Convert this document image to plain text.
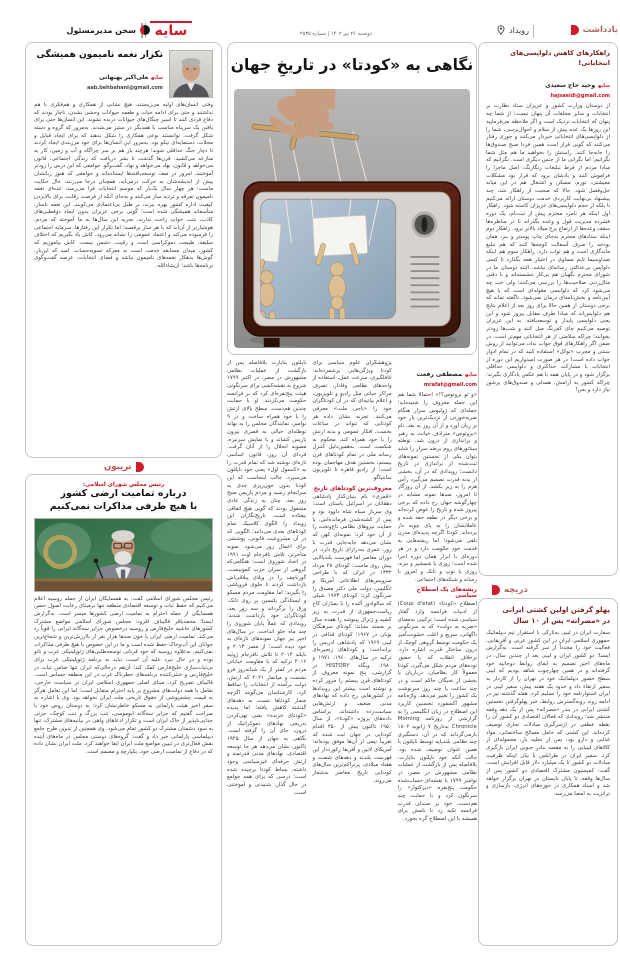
یادداشت
رویداد
دوشنبه ۲۶ تیر ۱۴۰۲ | شماره ۲۸۳۵
سایه
سخن مدیرمسئول
راهکارهای کاهش دلواپسی‌های انتخاباتی!
سایهوحید حاج سعیدی
hajsaeidi@gmail.com
از دوستان وزارت کشور و عزیزان ستاد نظارت بر انتخابات و سایر مخلفات آن پنهان نیست؛ از شما چه پنهان که انتخابات نزدیک است و اگر ملاحظه می‌فرمایید این روزها یک عده پیش از سلام و احوال‌پرسی، شما را از دلواپسی‌های انتخاباتی خبردار می‌کنند و جوری رفتار می‌کنند که گویی قرار است همین فردا صبح صندوق‌ها را جابه‌جا کنند. راستش را بخواهید ما هم مثل شما نگرانیم؛ اما نگرانی ما از جنس دیگری است. نگرانیم که مبادا مردم از فرط تبلیغات رنگارنگ، اصل ماجرا را فراموش کنند و یادشان برود که قرار بود مشکلات معیشتی، تورم، مسکن و اشتغال هم در این میانه حل‌وفصل شود. حالا که صحبت از راهکار شد، چند پیشنهاد بی‌نهایت کاربردی خدمت دوستان ارائه می‌کنیم تا بلکه از حجم دلواپسی‌های عزیزان کاسته شود. راهکار اول اینکه هر نامزد محترم پیش از ثبت‌نام، یک دوره فشرده مدیریت قول و وعده بگذراند تا در مناظره‌ها سقف وعده‌ها از ارتفاع برج میلاد بالاتر نرود. راهکار دوم اینکه ستادهای محترم به‌جای چاپ پوستر و بنر، همان بودجه را صرف آسفالت کوچه‌ها کنند که هم تبلیغ ماندگاری است و هم ثواب دارد. راهکار سوم هم اینکه صداوسیما تایم مساوی در اختیار همه بگذارد تا کسی دلواپس بی‌عدالتی رسانه‌ای نباشد. البته دوستان ما در شورای محترم نگهبان هم بی‌کار ننشسته‌اند و با دقتی مثال‌زدنی صلاحیت‌ها را بررسی می‌کنند؛ ولی خب چه می‌شود کرد که دلواپسی مقوله‌ای است که با هیچ آیین‌نامه و بخش‌نامه‌ای درمان نمی‌شود. ناگفته نماند که برخی دوستان از همین حالا برای روز بعد از اعلام نتایج هم دلواپس‌اند که مبادا طرف مقابل پیروز شود و این یعنی دلواپسی پایدار و توسعه‌یافته. به این عزیزان توصیه می‌کنیم چای کم‌رنگ میل کنند و شب‌ها زودتر بخوابند؛ چراکه سلامتی از هر انتخاباتی مهم‌تر است. در ضمن اگر راهکارهای فوق جواب نداد، می‌توانید از روش سنتی و مجرب «توکل» استفاده کنید که در تمام ادوار جواب داده است! در هر صورت امیدواریم این دوره از انتخابات با مشارکت حداکثری و دلواپسی حداقلی برگزار شود و در پایان همه با هم عکس یادگاری بگیرند؛ چراکه کشور به آرامش، همدلی و صندوق‌های پرشور نیاز دارد و بس!
دریچه
پهلو گرفتن اولین کشتی ایرانی
در «مصراته» پس از ۱۰ سال
سفارت ایران در لیبی به‌تازگی با استقرار تیم دیپلماتیک جمهوری اسلامی ایران در این کشور عربی و آفریقایی، فعالیت خود را مجدداً از سر گرفته است. به‌گزارش ایسنا؛ دو کشور ایران و لیبی بعد از چندین سال، در ماه‌های اخیر تصمیم به ایفای روابط دوجانبه خود گرفته‌اند و در همین چهارچوب شاهد بودیم که لیبی سطح حضور دیپلماتیک خود در تهران را از کاردار به سفیر ارتقاء داد و حدود یک هفته پیش، سفیر لیبی در ایران استوارنامه خود را تسلیم کرد. هفته گذشته نیز در ادامه روند روبه‌گسترش روابط، خبر پهلوگرفتن نخستین کشتی ایرانی در بندر «مصراته» پس از یک دهه وقفه منتشر شد؛ رویدادی که فعالان اقتصادی دو کشور آن را نقطه عطفی در ازسرگیری مبادلات تجاری توصیف کرده‌اند. این کشتی که حامل مصالح ساختمانی، مواد غذایی و دارو بود، پس از تخلیه بار، محموله‌ای از کالاهای لیبیایی را به مقصد بنادر جنوبی ایران بارگیری کرد. سفیر ایران در طرابلس با بیان اینکه ظرفیت مبادلات دو کشور تا یک میلیارد دلار قابل افزایش است، گفت: کمیسیون مشترک اقتصادی دو کشور پس از سال‌ها وقفه، تا پایان تابستان در تهران برگزار خواهد شد و اسناد همکاری در حوزه‌های انرژی، بازسازی و ترانزیت به امضا می‌رسد.
نگاهی به «کودتا» در تاریخِ جهان
سایهمصطفی رفعت
mrafat@gmail.com
«و تو بروتوس؟!» احتمالاً شما هم این جمله معروف را شنیده‌اید؛ جمله‌ای که ژولیوس سزار هنگام ضربه‌خوردن از نزدیک‌ترین یار خود بر زبان آورد و از آن روز به بعد، نام «بروتوس» مترادف خیانت به رهبر و براندازی از درون شد. توطئه سناتورهای روم برضد سزار را شاید بتوان یکی از نخستین نمونه‌های ثبت‌شده از براندازی در تاریخ دانست؛ رویدادی که در آن، بخشی از بدنه قدرت تصمیم می‌گیرد رأس هرم را به زیر بکشد. از آن روزگار تا امروز، صدها نمونه مشابه در چهارگوشه جهان رخ داده که برخی پیروز شده و تاریخ را عوض کرده‌اند و برخی دیگر در نطفه خفه شده و عاملانشان را به پای چوبه دار برده‌اند. کودتا اگرچه پدیده‌ای مدرن تلقی می‌شود؛ اما ریشه‌هایی به قدمت خودِ حکومت دارد و در هر دوره‌ای با ابزار همان دوره اجرا شده است؛ روزی با شمشیر و نیزه، روزی با توپ و تانک و امروز با رسانه و شبکه‌های اجتماعی.
ریشه‌های یک اصطلاح سیاسی
اصطلاح «کودتا» (Coup d'état) از ادبیات فرانسه وارد گفتار سیاسی شده است؛ ترکیبی به‌معنای «ضربه به دولت» که به سرنگونی ناگهانی، سریع و اغلب خشونت‌آمیز یک حکومت توسط گروهی کوچک از درون ساختار قدرت اشاره دارد. برخلاف انقلاب که با حضور توده‌های مردم شکل می‌گیرد، کودتا معمولاً کار نظامیان، درباریان یا بخشی از نخبگان حاکم است و در چند ساعت یا چند روز سرنوشت یک کشور را تغییر می‌دهد. واژه‌نامه مشهور آکسفورد نخستین کاربرد این اصطلاح در زبان انگلیسی را به گزارشی از روزنامه Morning Chronicle به‌تاریخ ۷ ژانویه ۱۸۰۲ بازمی‌گرداند که در آن، دستگیری چند نظامی بلندپایه توسط ناپلئون با همین عنوان توصیف شده بود. جالب آنکه خود ناپلئون بناپارت، بلافاصله پس از بازگشت از عملیات نظامی مشهورش در مصر، در نوامبر ۱۷۹۹ با نقشه‌ای حساب‌شده حکومت پنج‌نفره «دیرکتوار» را سرنگون کرد و با حمایت چند هم‌دست، خود بر صندلی قدرت فرانسه تکیه زد تا نامش برای همیشه با این اصطلاح گره بخورد.
پژوهشگران علوم سیاسی برای کودتا ویژگی‌هایی برشمرده‌اند: غافلگیری، سرعت عمل، استفاده از واحدهای نظامی وفادار، تصرف مراکز حیاتی مثل رادیو و تلویزیون، و اعلام بیانیه‌ای که در آن کودتاگران خود را «ناجی ملت» معرفی می‌کنند. تجربه نشان داده هر کودتایی که نتواند در ساعات نخست، افکار عمومی و بدنه ارتش را با خود همراه کند، محکوم به شکست است. به‌همین‌دلیل کنترل رسانه ملی در تمام کودتاهای قرن بیستم، نخستین هدف مهاجمان بوده است؛ از رادیو قاهره تا تلویزیون سانتیاگو.
معروف‌ترین کودتاهای تاریخ
«قُمری» نام بنیان‌گذار پادشاهی دهقانان در اسرائیل باستان است؛ وی سرباز سپاه شاه داوود بود و پس از کشته‌شدن فرمانده‌اش، با حمایت نیروهای نظامی تاج‌وتخت را از آن خود کرد؛ نمونه‌ای کهن که نشان می‌دهد جابه‌جایی قدرت با زور، عمری به‌درازای تاریخ دارد. در دوران معاصر اما فهرست بلندبالایی پیش روی ماست: کودتای ۲۸ مرداد ۱۳۳۲ در ایران که با طراحی سرویس‌های اطلاعاتی آمریکا و انگلیس، دولت ملی دکتر مصدق را سرنگون کرد؛ کودتای ۱۹۷۳ شیلی که سالوادور آلنده را با بمباران کاخ ریاست‌جمهوری از قدرت به زیر کشید و ژنرال پینوشه را هفده سال بر مسند نشاند؛ کودتای سرهنگان یونان در ۱۹۶۷؛ کودتای قذافی در لیبی ۱۹۶۹ که پادشاهی ادریس را برانداخت؛ و کودتاهای زنجیره‌ای ترکیه در سال‌های ۱۹۶۰، ۱۹۷۱ و ۱۹۸۰. وبگاه HISTORY در گزارشی، پنج نمونه معروف از کودتاهای قرن بیستم را مرور کرده و نوشته است بیشتر این رویدادها در کشورهایی رخ داده که نهادهای مدنی ضعیف و ارتش‌هایی سیاست‌زده داشته‌اند. براساس داده‌های پروژه «کودتا»، از سال ۱۹۵۰ تاکنون بیش از ۴۵۰ اقدام کودتایی در جهان ثبت شده که تقریباً نیمی از آن‌ها موفق بوده‌اند؛ آمریکای لاتین و آفریقا رکورددار این فهرست بلندند و دهه‌های شصت و هفتاد میلادی، پرتراکم‌ترین سال‌های کودتایی تاریخ معاصر به‌شمار می‌روند.
ناپلئون بناپارت بلافاصله پس از بازگشت از عملیات نظامی مشهورش در مصر، در اکتبر ۱۷۹۹ شروع به نقشه‌کشی برای سرنگونی هیئت پنج‌نفره‌ای کرد که بر فرانسه حکومت می‌کردند. او با حمایت چندین هم‌دست، سطح بالای ارتش را با خود همراه ساخت و در ۹ نوامبر، نمایندگان مجلس را به بهانه توطئه‌ای خیالی به قصری بیرون پاریس کشاند و با نمایش سرنیزه، مصوبه انحلال را از آنان گرفت. فردای آن روز، قانون اساسی تازه‌ای نوشته شد که تمام قدرت را به «کنسول اول» یعنی خود ناپلئون می‌سپرد. جالب اینجاست که این کودتا بدون خون‌ریزی جدی به سرانجام رسید و مردم پاریس صبح روز بعد، چنان به زندگی عادی مشغول بودند که گویی هیچ اتفاقی نیفتاده است. تاریخ‌نگاران این رویداد را الگوی کلاسیک تمام کودتاهای بعدی می‌دانند؛ الگویی که در آن مشروعیت قانونی، پوششی برای اعمال زور می‌شود. نمونه متأخرتر، تلاش نافرجام اوت ۱۹۹۱ در اتحاد شوروی است؛ هنگامی‌که گروهی از سران حزب کمونیست، گورباچف را در ویلای ییلاقی‌اش بازداشت کردند تا جلوی فروپاشی را بگیرند؛ اما مقاومت مردم مسکو و ایستادگی یلتسین بر روی تانک، ورق را برگرداند و سه روز بعد، کودتاگران خود بازداشت شدند؛ رویدادی که عملاً پایان شوروی را چند ماه جلو انداخت. در سال‌های اخیر نیز جهان نمونه‌های تازه‌ای به خود دیده است؛ از مصر ۲۰۱۳ و تایلند ۲۰۱۴ تا تلاش نافرجام ژوئیه ۲۰۱۶ ترکیه که با مقاومت خیابانی مردم در کمتر از یک شبانه‌روز فرو نشست و میانمار ۲۰۲۱ که ارتش، دولت برآمده از انتخابات را ساقط کرد. کارشناسان می‌گویند اگرچه شمار کودتاها نسبت به دهه‌های گذشته کاهش یافته؛ اما پدیده «کودتای خزنده» یعنی تهی‌کردن تدریجی نهادهای دموکراتیک از درون، جای آن را گرفته است. نگاهی به جهان از سال ۱۹۴۵ تاکنون نشان می‌دهد هر جا توسعه اقتصادی، نهادهای مدنی قدرتمند و ارتش حرفه‌ای غیرسیاسی وجود داشته، بساط کودتا برچیده شده است؛ درسی که برای همه جوامع در حال گذار، شنیدنی و آموختنی است.
تکرار نغمه نامیمون همیشگی
سایهعلی‌اکبر بهبهانی
aab.behbahani@gmail.com
وقتی انسان‌های اولیه می‌زیستند، هیچ نشانی از همکاری و هم‌فکری با هم نداشتند و حتی برای ادامه حیات و طعمه حیوانات وحشی نشدن، ناچار بودند که دفاع فردی کنند تا اسیر چنگال‌های حیوانات درنده نشوند. این انسان‌ها حتی برای یافتن یک سرپناه مناسب با همدیگر در ستیز می‌شدند. به‌مرور که گروه و دسته شکل گرفت، توانستند نوعی همکاری را شکل بدهند که برای ایجاد قبایل و محلات، دستمایه‌ای نیکو بود. به‌مرور این انسان‌ها برای خود مرزبندی ایجاد کردند تا دچار جنگ حداقلی شوند؛ هرچند باز هم بر سر چراگاه و آب و زمین، کار به منازعه می‌کشید. قرن‌ها گذشت تا بشر دریافت که زندگی اجتماعی، قانون می‌خواهد و قانون، نهاد می‌خواهد و نهاد، گفت‌وگو. جوامعی که این درس را زودتر آموختند، امروز در صف توسعه‌یافته‌ها ایستاده‌اند و جوامعی که هنوز زبانشان پیش از اندیشه‌شان به حرکت درمی‌آید، همچنان درجا می‌زنند. حال حکایت ماست؛ هر چهار سال یک‌بار که موسم انتخابات فرا می‌رسد، عده‌ای نغمه نامیمون تفرقه و تردید ساز می‌کنند و به‌جای آنکه از فرصت رقابت برای بالابردن کیفیت اداره کشور بهره ببرند، بر طبل بی‌اعتمادی می‌کوبند. این نغمه ناساز، متأسفانه همیشگی شده است؛ گویی برخی عزیزان بدون ایجاد دوقطبی‌های کاذب، شب خواب راحت ندارند. تجربه این سال‌ها به ما آموخته که مردم، هوشیارتر از آن‌اند که با هر ساز برقصند؛ اما تکرار این رفتارها، سرمایه اجتماعی را فرسوده می‌کند و اعتماد عمومی را نشانه می‌رود. کاش یاد بگیریم که اختلاف سلیقه، طبیعت دموکراسی است و رقیب، دشمن نیست. کاش بیاموزیم که کشور، میدان مسابقه خدمت است نه معرکه تسویه‌حساب. امید که این‌بار، گوش‌ها بدهکار نغمه‌های نامیمون نباشد و فضای انتخابات، عرصه گفت‌وگوی برنامه‌ها باشد؛ ان‌شاءالله.
تریبون
رئیس مجلس شورای اسلامی:
درباره تمامیت ارضی کشور
با هیچ طرفی مذاکرات نمی‌کنیم
رئیس مجلس شورای اسلامی گفت: به همسایگان ایران از جمله روسیه اعلام می‌کنیم که حفظ ثبات و توسعه اقتصادی منطقه تنها برمبنای رعایت اصول حسن همسایگی از جمله احترام به تمامیت ارضی کشورها میسر است. به‌گزارش ایسنا؛ محمدباقر قالیباف افزود: مجلس شورای اسلامی مواضع مشترک کشورهای حاشیه خلیج‌فارس و روسیه درخصوص جزایر سه‌گانه ایرانی را قویاً رد می‌کند. تمامیت ارضی ایران با خون صدها هزار نفر از باارزش‌ترین و شجاع‌ترین جوانان این آب‌وخاک حفظ شده است و ما در این خصوص با هیچ طرفی مذاکرات نمی‌کنیم. به‌علاوه روسیه که خود قربانی توسعه‌طلبی‌های ژئوپلیتیکی غرب و ناتو بوده و در حال نبرد علیه آن است، نباید به برنامه ژئوپلیتیکی غرب برای بی‌ثبات‌سازی خلیج‌فارس کمک کند؛ آن‌هم درحالی‌که ایران تنها ضامن ثبات در خلیج‌فارس و خنثی‌کننده برنامه‌های خطرناک غرب در این منطقه حساس است. قالیباف تصریح کرد: مبنای اصلی جمهوری اسلامی ایران در سیاست خارجی، تعامل با همه دولت‌های مشروع بر پایه احترام متقابل است؛ اما این تعامل هرگز به قیمت چشم‌پوشی از حقوق تاریخی ملت ایران نخواهد بود. وی با اشاره به سفر اخیر هیئت پارلمانی به مسکو خاطرنشان کرد: به دوستان روس خود با صراحت گفتیم که جزایر سه‌گانه ابوموسی، تنب بزرگ و تنب کوچک، جزئی جدایی‌ناپذیر از خاک ایران است و تکرار ادعاهای واهی در بیانیه‌های مشترک، تنها به سود دشمنان مشترک دو کشور تمام می‌شود. وی همچنین از تدوین طرح جامع دیپلماسی پارلمانی خبر داد و گفت: گروه‌های دوستی مجلس در ماه‌های آینده نقش فعال‌تری در تبیین مواضع ملت ایران ایفا خواهند کرد. ملت ایران نشان داده که در دفاع از تمامیت ارضی خود، یکپارچه و مصمم است.
